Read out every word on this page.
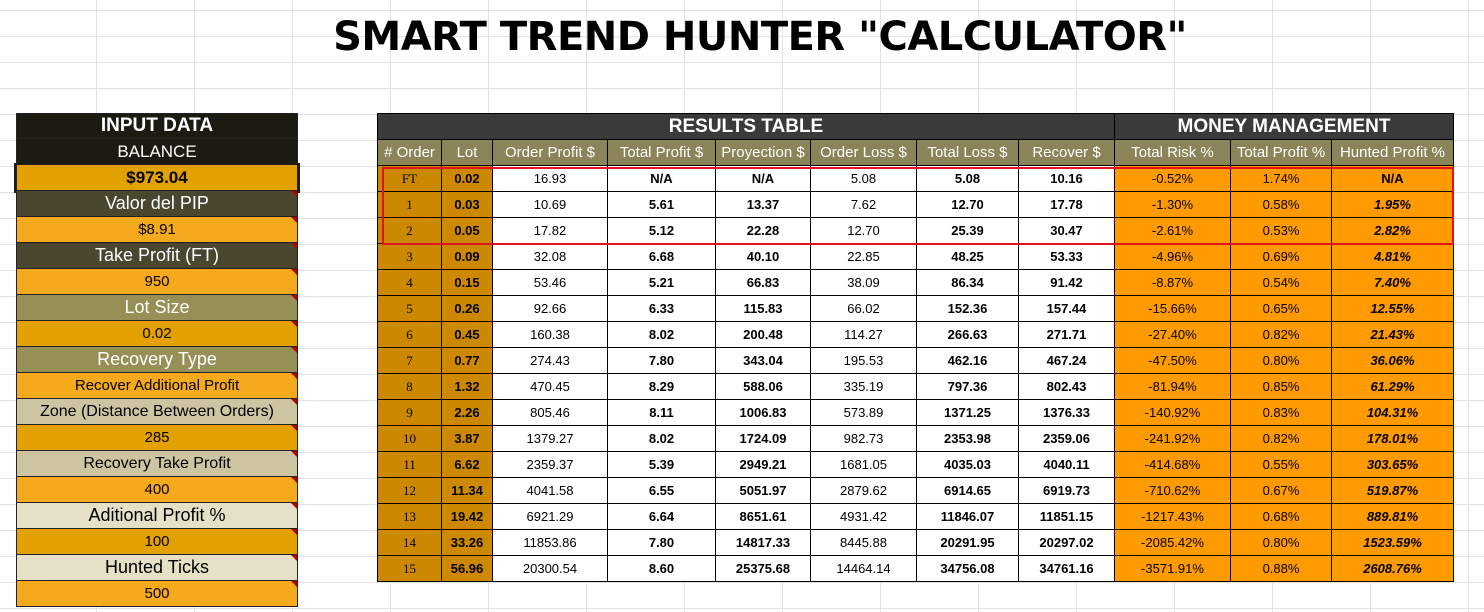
SMART TREND HUNTER "CALCULATOR"
INPUT DATA
BALANCE
$973.04
Valor del PIP
$8.91
Take Profit (FT)
950
Lot Size
0.02
Recovery Type
Recover Additional Profit
Zone (Distance Between Orders)
285
Recovery Take Profit
400
Aditional Profit %
100
Hunted Ticks
500
RESULTS TABLE								MONEY MANAGEMENT		
# Order	Lot	Order Profit $	Total Profit $	Proyection $	Order Loss $	Total Loss $	Recover $	Total Risk %	Total Profit %	Hunted Profit %
FT	0.02	16.93	N/A	N/A	5.08	5.08	10.16	-0.52%	1.74%	N/A
1	0.03	10.69	5.61	13.37	7.62	12.70	17.78	-1.30%	0.58%	1.95%
2	0.05	17.82	5.12	22.28	12.70	25.39	30.47	-2.61%	0.53%	2.82%
3	0.09	32.08	6.68	40.10	22.85	48.25	53.33	-4.96%	0.69%	4.81%
4	0.15	53.46	5.21	66.83	38.09	86.34	91.42	-8.87%	0.54%	7.40%
5	0.26	92.66	6.33	115.83	66.02	152.36	157.44	-15.66%	0.65%	12.55%
6	0.45	160.38	8.02	200.48	114.27	266.63	271.71	-27.40%	0.82%	21.43%
7	0.77	274.43	7.80	343.04	195.53	462.16	467.24	-47.50%	0.80%	36.06%
8	1.32	470.45	8.29	588.06	335.19	797.36	802.43	-81.94%	0.85%	61.29%
9	2.26	805.46	8.11	1006.83	573.89	1371.25	1376.33	-140.92%	0.83%	104.31%
10	3.87	1379.27	8.02	1724.09	982.73	2353.98	2359.06	-241.92%	0.82%	178.01%
11	6.62	2359.37	5.39	2949.21	1681.05	4035.03	4040.11	-414.68%	0.55%	303.65%
12	11.34	4041.58	6.55	5051.97	2879.62	6914.65	6919.73	-710.62%	0.67%	519.87%
13	19.42	6921.29	6.64	8651.61	4931.42	11846.07	11851.15	-1217.43%	0.68%	889.81%
14	33.26	11853.86	7.80	14817.33	8445.88	20291.95	20297.02	-2085.42%	0.80%	1523.59%
15	56.96	20300.54	8.60	25375.68	14464.14	34756.08	34761.16	-3571.91%	0.88%	2608.76%
